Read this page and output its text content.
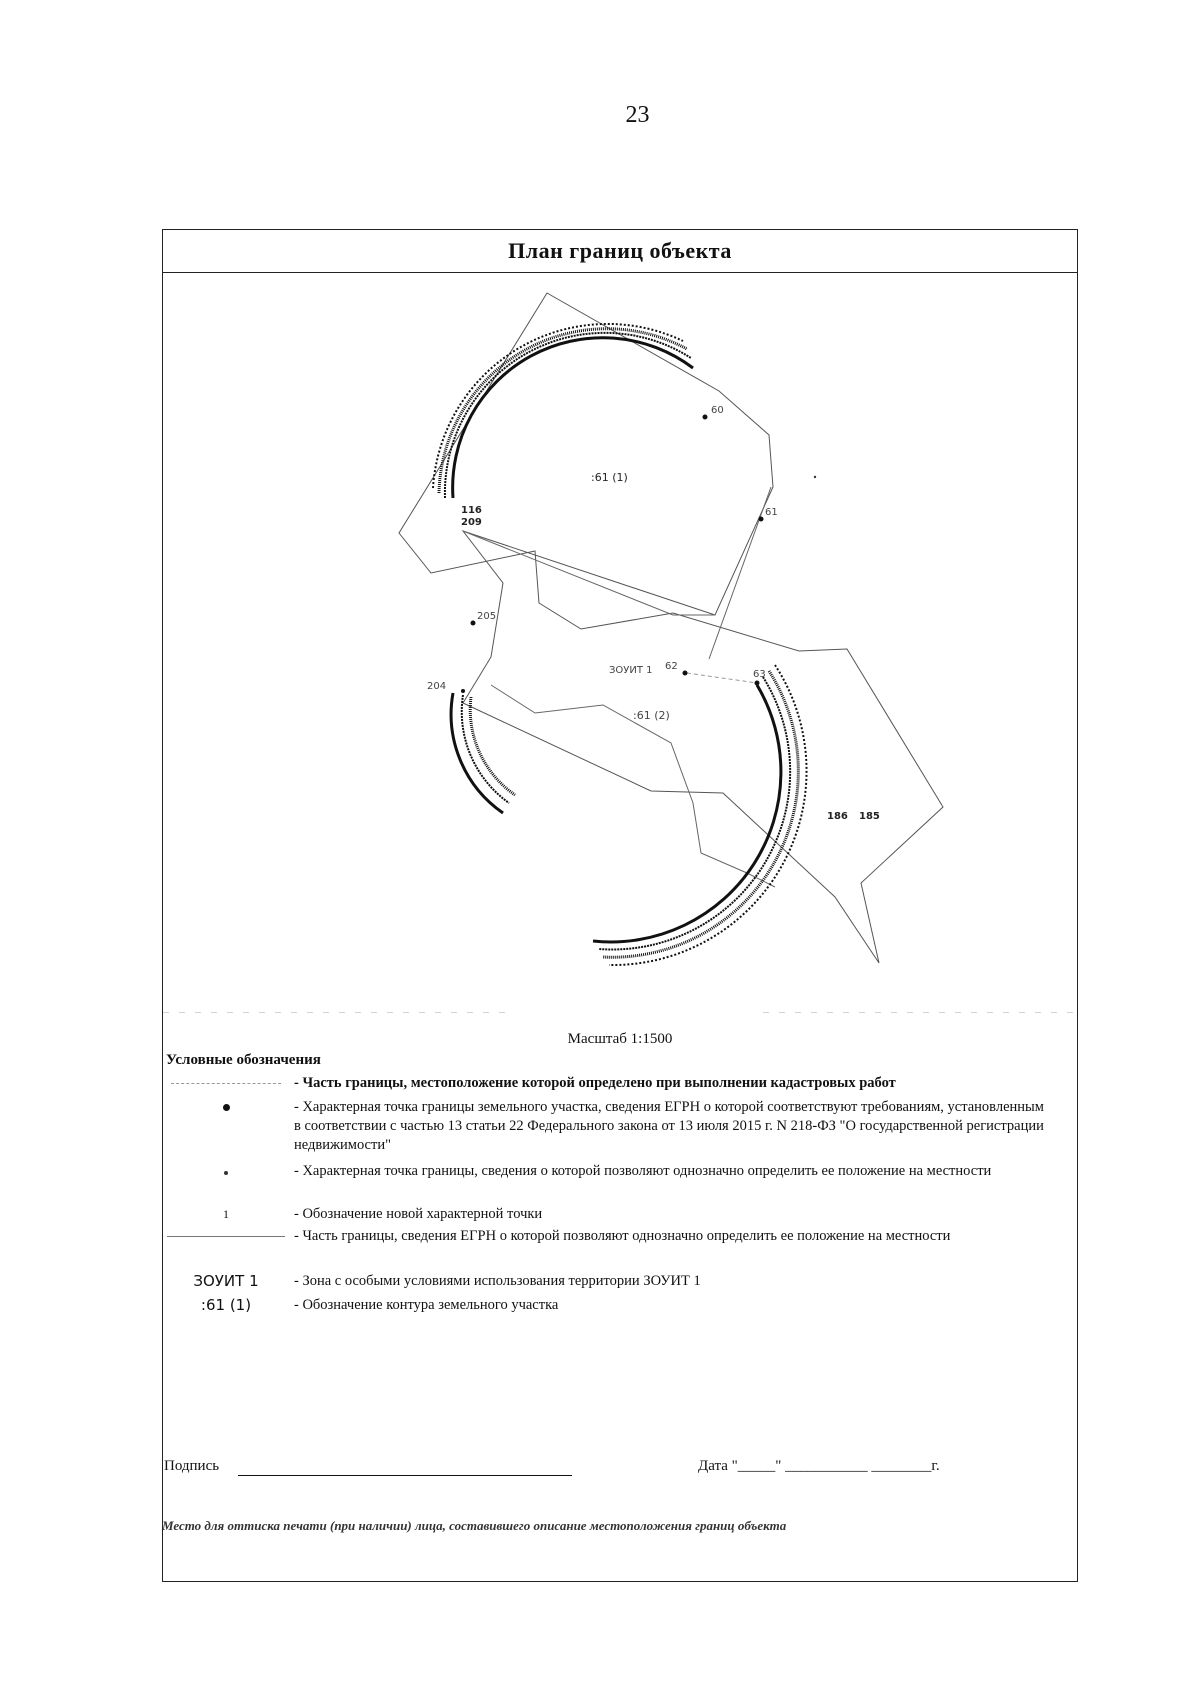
23
План границ объекта
:61 (1)
:61 (2)
ЗОУИТ 1 62
63
60
61
205
204
186 185
116
209
Масштаб 1:1500
Условные обозначения
- Часть границы, местоположение которой определено при выполнении кадастровых работ
- Характерная точка границы земельного участка, сведения ЕГРН о которой соответствуют требованиям, установленным в соответствии с частью 13 статьи 22 Федерального закона от 13 июля 2015 г. N 218-ФЗ "О государственной регистрации недвижимости"
- Характерная точка границы, сведения о которой позволяют однозначно определить ее положение на местности
1	- Обозначение новой характерной точки
- Часть границы, сведения ЕГРН о которой позволяют однозначно определить ее положение на местности
ЗОУИТ 1	- Зона с особыми условиями использования территории ЗОУИТ 1
:61 (1)	- Обозначение контура земельного участка
Подпись	Дата "_____" ___________ ________г.
Место для оттиска печати (при наличии) лица, составившего описание местоположения границ объекта
